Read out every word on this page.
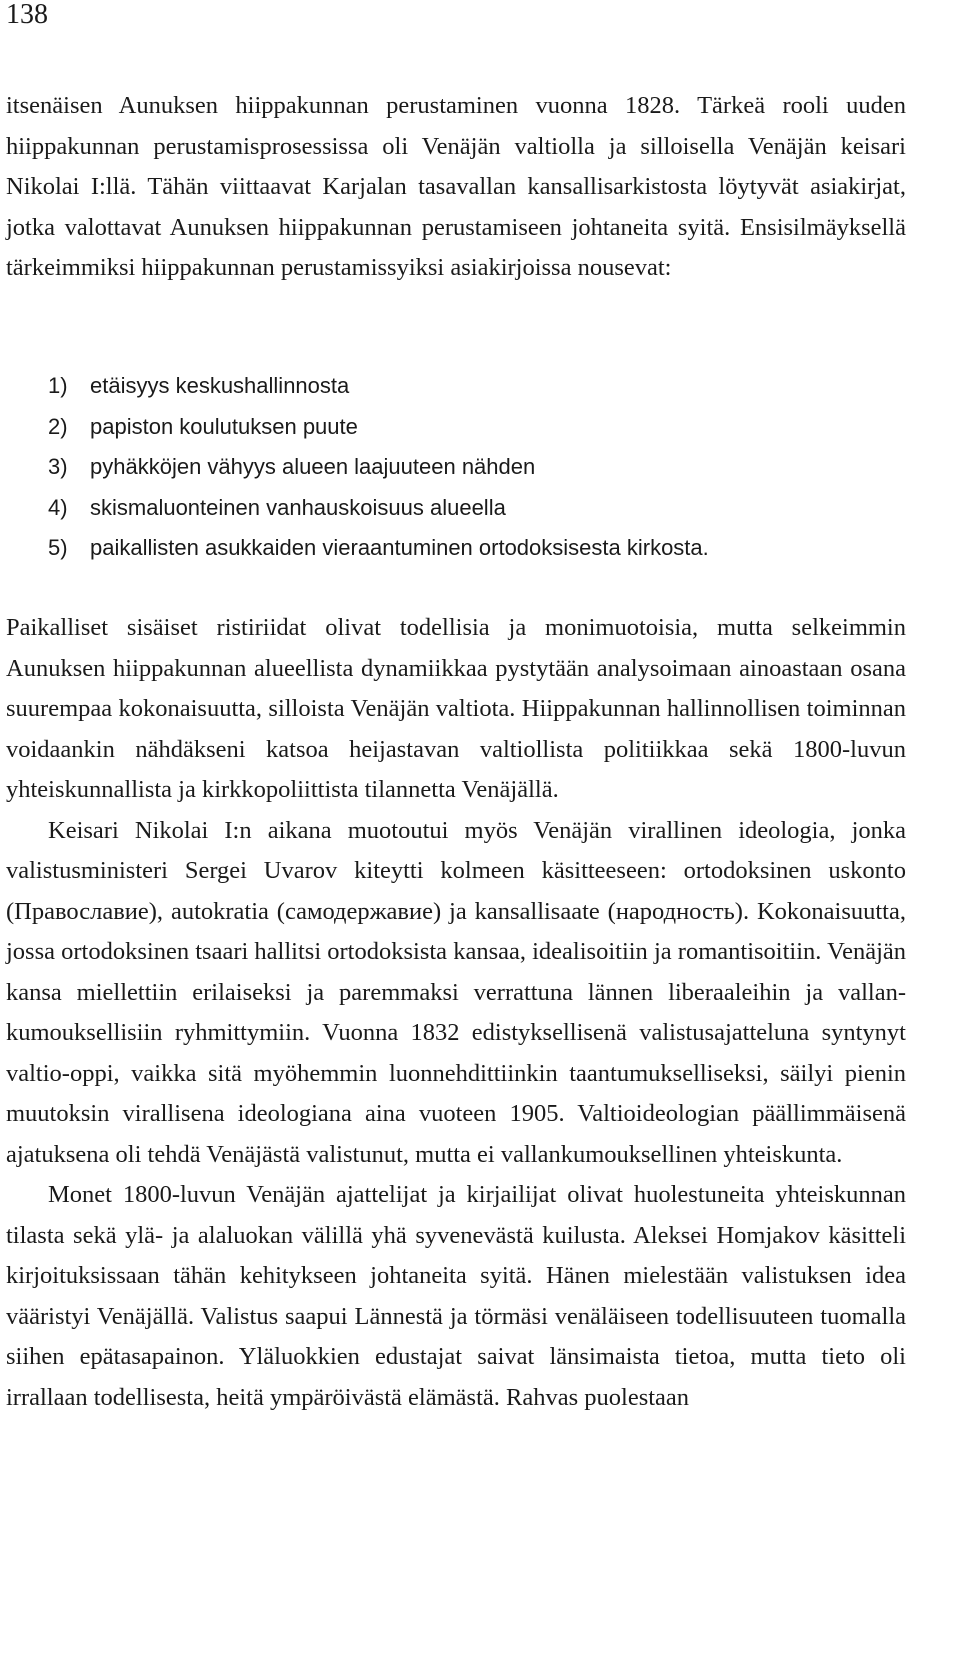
138

itsenäisen Aunuksen hiippakunnan perustaminen vuonna 1828. Tärkeä rooli uuden hiippakunnan perustamisprosessissa oli Venäjän valtiolla ja silloisella Venäjän keisari Nikolai I:llä. Tähän viittaavat Karjalan tasavallan kansallisarkistosta löytyvät asiakirjat, jotka valottavat Aunuksen hiippakunnan perustamiseen johtaneita syitä. Ensisilmäyksellä tärkeimmiksi hiippakunnan perustamissyiksi asiakirjoissa nousevat:

1) etäisyys keskushallinnosta
2) papiston koulutuksen puute
3) pyhäkköjen vähyys alueen laajuuteen nähden
4) skismaluonteinen vanhauskoisuus alueella
5) paikallisten asukkaiden vieraantuminen ortodoksisesta kirkosta.

Paikalliset sisäiset ristiriidat olivat todellisia ja monimuotoisia, mutta selkeimmin Aunuksen hiippakunnan alueellista dynamiikkaa pystytään analysoimaan ainoastaan osana suurempaa kokonaisuutta, silloista Venäjän valtiota. Hiippakunnan hallinnollisen toiminnan voidaankin nähdäkseni katsoa heijastavan valtiollista politiikkaa sekä 1800-luvun yhteiskunnallista ja kirkkopoliittista tilannetta Venäjällä.

Keisari Nikolai I:n aikana muotoutui myös Venäjän virallinen ideologia, jonka valistusministeri Sergei Uvarov kiteytti kolmeen käsitteeseen: ortodoksinen uskonto (Православие), autokratia (самодержавие) ja kansallisaate (народность). Kokonaisuutta, jossa ortodoksinen tsaari hallitsi ortodoksista kansaa, idealisoitiin ja romantisoitiin. Venäjän kansa miellettiin erilaiseksi ja paremmaksi verrattuna lännen liberaaleihin ja vallankumouksellisiin ryhmittymiin. Vuonna 1832 edistyksellisenä valistusajatteluna syntynyt valtio-oppi, vaikka sitä myöhemmin luonnehdittiinkin taantumukselliseksi, säilyi pienin muutoksin virallisena ideologiana aina vuoteen 1905. Valtioideologian päällimmäisenä ajatuksena oli tehdä Venäjästä valistunut, mutta ei vallankumouksellinen yhteiskunta.

Monet 1800-luvun Venäjän ajattelijat ja kirjailijat olivat huolestuneita yhteiskunnan tilasta sekä ylä- ja alaluokan välillä yhä syvenevästä kuilusta. Aleksei Homjakov käsitteli kirjoituksissaan tähän kehitykseen johtaneita syitä. Hänen mielestään valistuksen idea vääristyi Venäjällä. Valistus saapui Lännestä ja törmäsi venäläiseen todellisuuteen tuomalla siihen epätasapainon. Yläluokkien edustajat saivat länsimaista tietoa, mutta tieto oli irrallaan todellisesta, heitä ympäröivästä elämästä. Rahvas puolestaan
